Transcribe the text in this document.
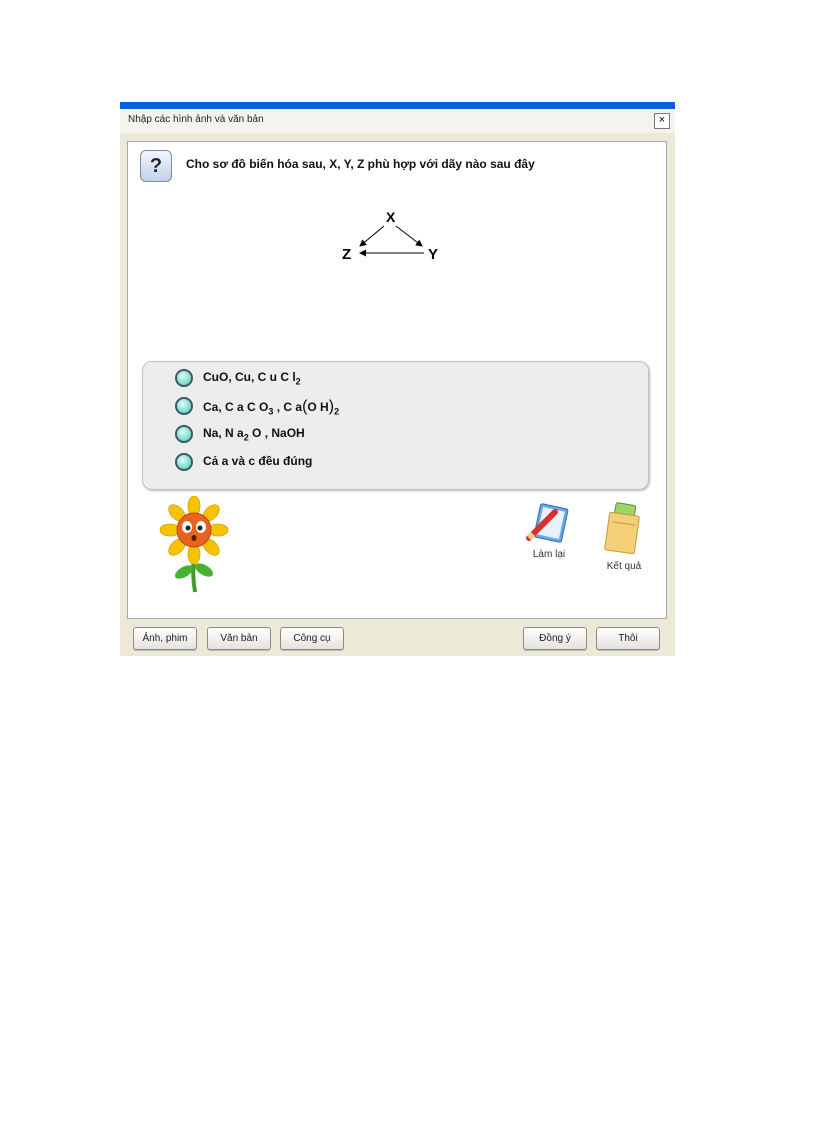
Nhập các hình ảnh và văn bản	×
?	Cho sơ đồ biến hóa sau, X, Y, Z phù hợp với dãy nào sau đây
X
Z	Y
CuO, Cu, C u C $l_2$
Ca, C a C $O_3$ , C a(O $H)_2$
Na, N $a_2$ O , NaOH
Cả a và c đều đúng
Làm lại
Kết quả
Ảnh, phim	Văn bản	Công cụ	Đồng ý	Thôi
